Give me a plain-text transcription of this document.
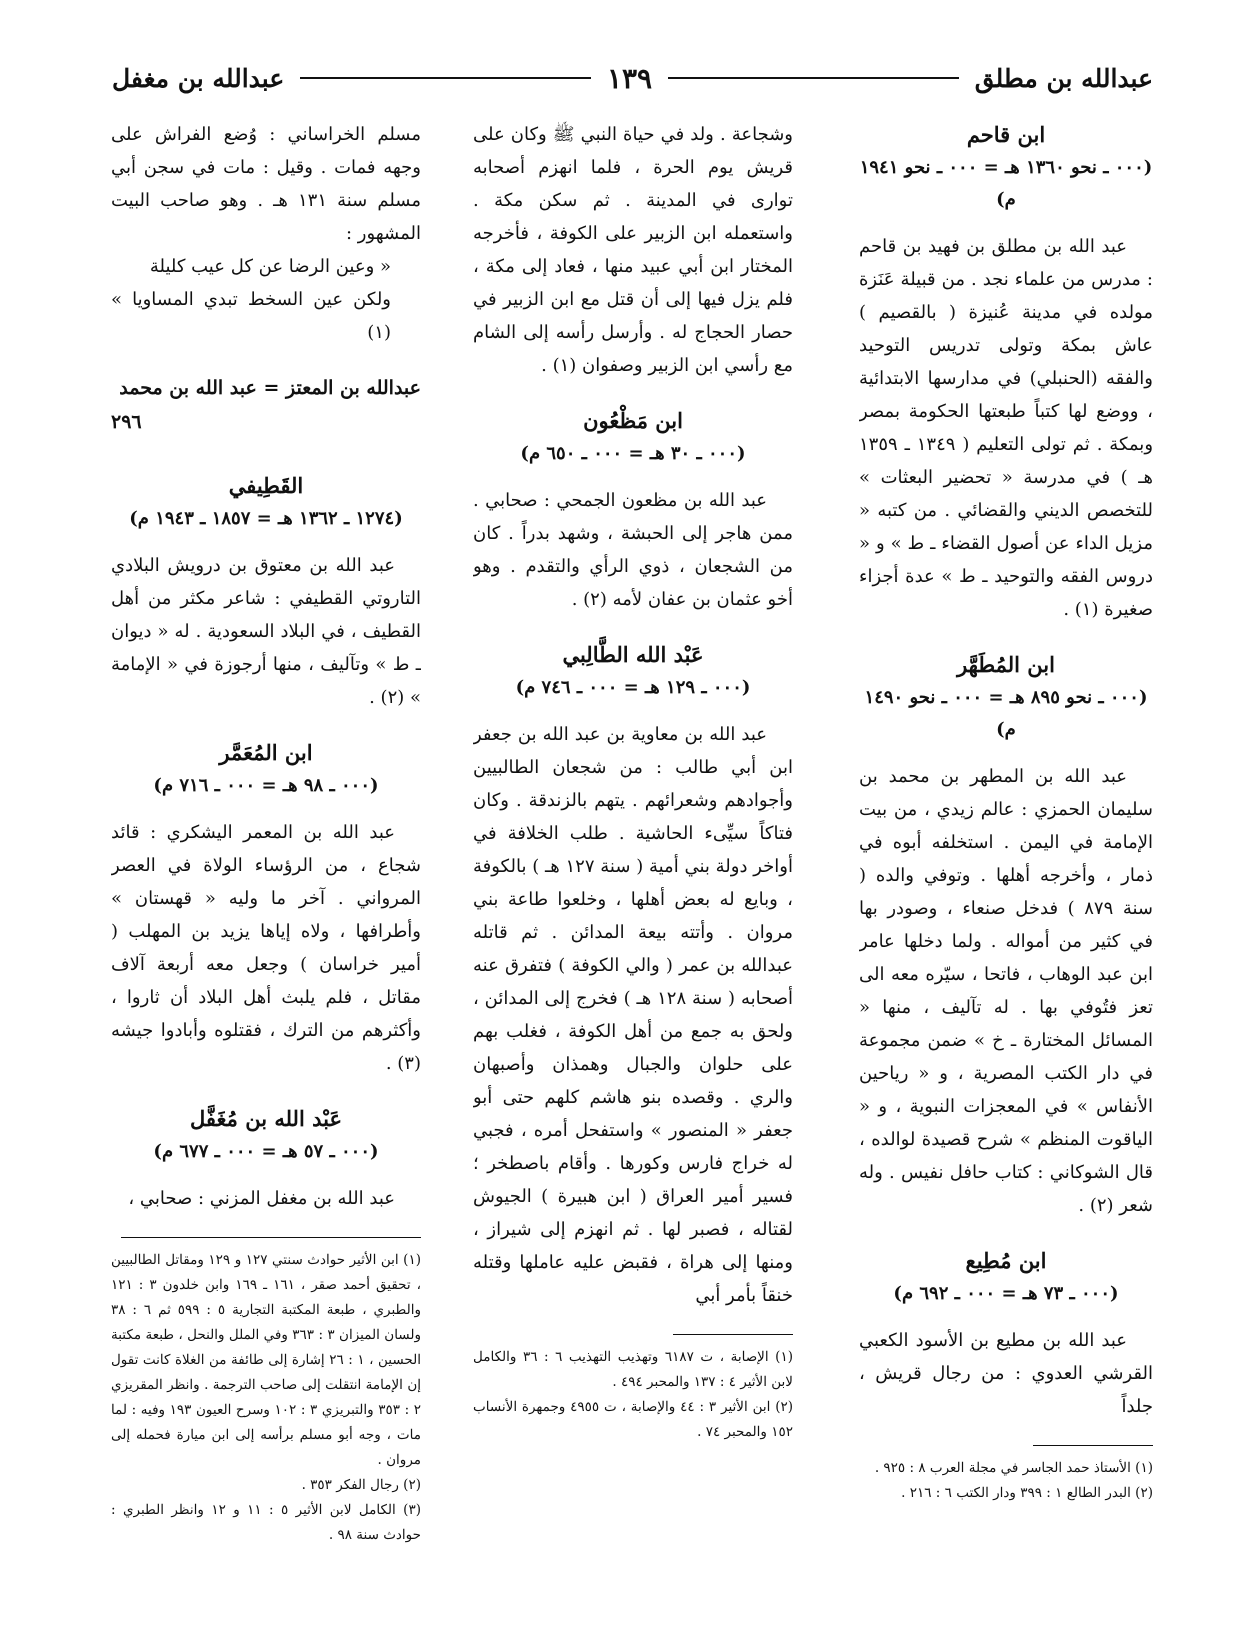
عبدالله بن مطلق
١٣٩
عبدالله بن مغفل
ابن قاحم
(٠٠٠ ـ نحو ١٣٦٠ هـ = ٠٠٠ ـ نحو ١٩٤١ م)

عبد الله بن مطلق بن فهيد بن قاحم : مدرس من علماء نجد . من قبيلة عَنَزة مولده في مدينة عُنيزة ( بالقصيم ) عاش بمكة وتولى تدريس التوحيد والفقه (الحنبلي) في مدارسها الابتدائية ، ووضع لها كتباً طبعتها الحكومة بمصر وبمكة . ثم تولى التعليم ( ١٣٤٩ ـ ١٣٥٩ هـ ) في مدرسة « تحضير البعثات » للتخصص الديني والقضائي . من كتبه « مزيل الداء عن أصول القضاء ـ ط » و « دروس الفقه والتوحيد ـ ط » عدة أجزاء صغيرة (١) .

ابن المُطَهَّر
(٠٠٠ ـ نحو ٨٩٥ هـ = ٠٠٠ ـ نحو ١٤٩٠ م)

عبد الله بن المطهر بن محمد بن سليمان الحمزي : عالم زيدي ، من بيت الإمامة في اليمن . استخلفه أبوه في ذمار ، وأخرجه أهلها . وتوفي والده ( سنة ٨٧٩ ) فدخل صنعاء ، وصودر بها في كثير من أمواله . ولما دخلها عامر ابن عبد الوهاب ، فاتحا ، سيّره معه الى تعز فتُوفي بها . له تآليف ، منها « المسائل المختارة ـ خ » ضمن مجموعة في دار الكتب المصرية ، و « رياحين الأنفاس » في المعجزات النبوية ، و « الياقوت المنظم » شرح قصيدة لوالده ، قال الشوكاني : كتاب حافل نفيس . وله شعر (٢) .

ابن مُطِيع
(٠٠٠ ـ ٧٣ هـ = ٠٠٠ ـ ٦٩٢ م)

عبد الله بن مطيع بن الأسود الكعبي القرشي العدوي : من رجال قريش ، جلداً

(١) الأستاذ حمد الجاسر في مجلة العرب ٨ : ٩٢٥ .

(٢) البدر الطالع ١ : ٣٩٩ ودار الكتب ٦ : ٢١٦ .

وشجاعة . ولد في حياة النبي ﷺ وكان على قريش يوم الحرة ، فلما انهزم أصحابه توارى في المدينة . ثم سكن مكة . واستعمله ابن الزبير على الكوفة ، فأخرجه المختار ابن أبي عبيد منها ، فعاد إلى مكة ، فلم يزل فيها إلى أن قتل مع ابن الزبير في حصار الحجاج له . وأرسل رأسه إلى الشام مع رأسي ابن الزبير وصفوان (١) .

ابن مَظْعُون
(٠٠٠ ـ ٣٠ هـ = ٠٠٠ ـ ٦٥٠ م)

عبد الله بن مظعون الجمحي : صحابي . ممن هاجر إلى الحبشة ، وشهد بدراً . كان من الشجعان ، ذوي الرأي والتقدم . وهو أخو عثمان بن عفان لأمه (٢) .

عَبْد الله الطَّالِبي
(٠٠٠ ـ ١٢٩ هـ = ٠٠٠ ـ ٧٤٦ م)

عبد الله بن معاوية بن عبد الله بن جعفر ابن أبي طالب : من شجعان الطالبيين وأجوادهم وشعرائهم . يتهم بالزندقة . وكان فتاكاً سيِّىء الحاشية . طلب الخلافة في أواخر دولة بني أمية ( سنة ١٢٧ هـ ) بالكوفة ، وبايع له بعض أهلها ، وخلعوا طاعة بني مروان . وأتته بيعة المدائن . ثم قاتله عبدالله بن عمر ( والي الكوفة ) فتفرق عنه أصحابه ( سنة ١٢٨ هـ ) فخرج إلى المدائن ، ولحق به جمع من أهل الكوفة ، فغلب بهم على حلوان والجبال وهمذان وأصبهان والري . وقصده بنو هاشم كلهم حتى أبو جعفر « المنصور » واستفحل أمره ، فجبي له خراج فارس وكورها . وأقام باصطخر ؛ فسير أمير العراق ( ابن هبيرة ) الجيوش لقتاله ، فصبر لها . ثم انهزم إلى شيراز ، ومنها إلى هراة ، فقبض عليه عاملها وقتله خنقاً بأمر أبي

(١) الإصابة ، ت ٦١٨٧ وتهذيب التهذيب ٦ : ٣٦ والكامل لابن الأثير ٤ : ١٣٧ والمحبر ٤٩٤ .

(٢) ابن الأثير ٣ : ٤٤ والإصابة ، ت ٤٩٥٥ وجمهرة الأنساب ١٥٢ والمحبر ٧٤ .

مسلم الخراساني : وُضع الفراش على وجهه فمات . وقيل : مات في سجن أبي مسلم سنة ١٣١ هـ . وهو صاحب البيت المشهور :

« وعين الرضا عن كل عيب كليلة
ولكن عين السخط تبدي المساويا » (١)
عبدالله بن المعتز = عبد الله بن محمد
٢٩٦
القَطِيفي
(١٢٧٤ ـ ١٣٦٢ هـ = ١٨٥٧ ـ ١٩٤٣ م)

عبد الله بن معتوق بن درويش البلادي التاروتي القطيفي : شاعر مكثر من أهل القطيف ، في البلاد السعودية . له « ديوان ـ ط » وتآليف ، منها أرجوزة في « الإمامة » (٢) .

ابن المُعَمَّر
(٠٠٠ ـ ٩٨ هـ = ٠٠٠ ـ ٧١٦ م)

عبد الله بن المعمر اليشكري : قائد شجاع ، من الرؤساء الولاة في العصر المرواني . آخر ما وليه « قهستان » وأطرافها ، ولاه إياها يزيد بن المهلب ( أمير خراسان ) وجعل معه أربعة آلاف مقاتل ، فلم يلبث أهل البلاد أن ثاروا ، وأكثرهم من الترك ، فقتلوه وأبادوا جيشه (٣) .

عَبْد الله بن مُغَفَّل
(٠٠٠ ـ ٥٧ هـ = ٠٠٠ ـ ٦٧٧ م)

عبد الله بن مغفل المزني : صحابي ،

(١) ابن الأثير حوادث سنتي ١٢٧ و ١٢٩ ومقاتل الطالبيين ، تحقيق أحمد صقر ، ١٦١ ـ ١٦٩ وابن خلدون ٣ : ١٢١ والطبري ، طبعة المكتبة التجارية ٥ : ٥٩٩ ثم ٦ : ٣٨ ولسان الميزان ٣ : ٣٦٣ وفي الملل والنحل ، طبعة مكتبة الحسين ، ١ : ٢٦ إشارة إلى طائفة من الغلاة كانت تقول إن الإمامة انتقلت إلى صاحب الترجمة . وانظر المقريزي ٢ : ٣٥٣ والتبريزي ٣ : ١٠٢ وسرح العيون ١٩٣ وفيه : لما مات ، وجه أبو مسلم برأسه إلى ابن ميارة فحمله إلى مروان .

(٢) رجال الفكر ٣٥٣ .

(٣) الكامل لابن الأثير ٥ : ١١ و ١٢ وانظر الطبري : حوادث سنة ٩٨ .
